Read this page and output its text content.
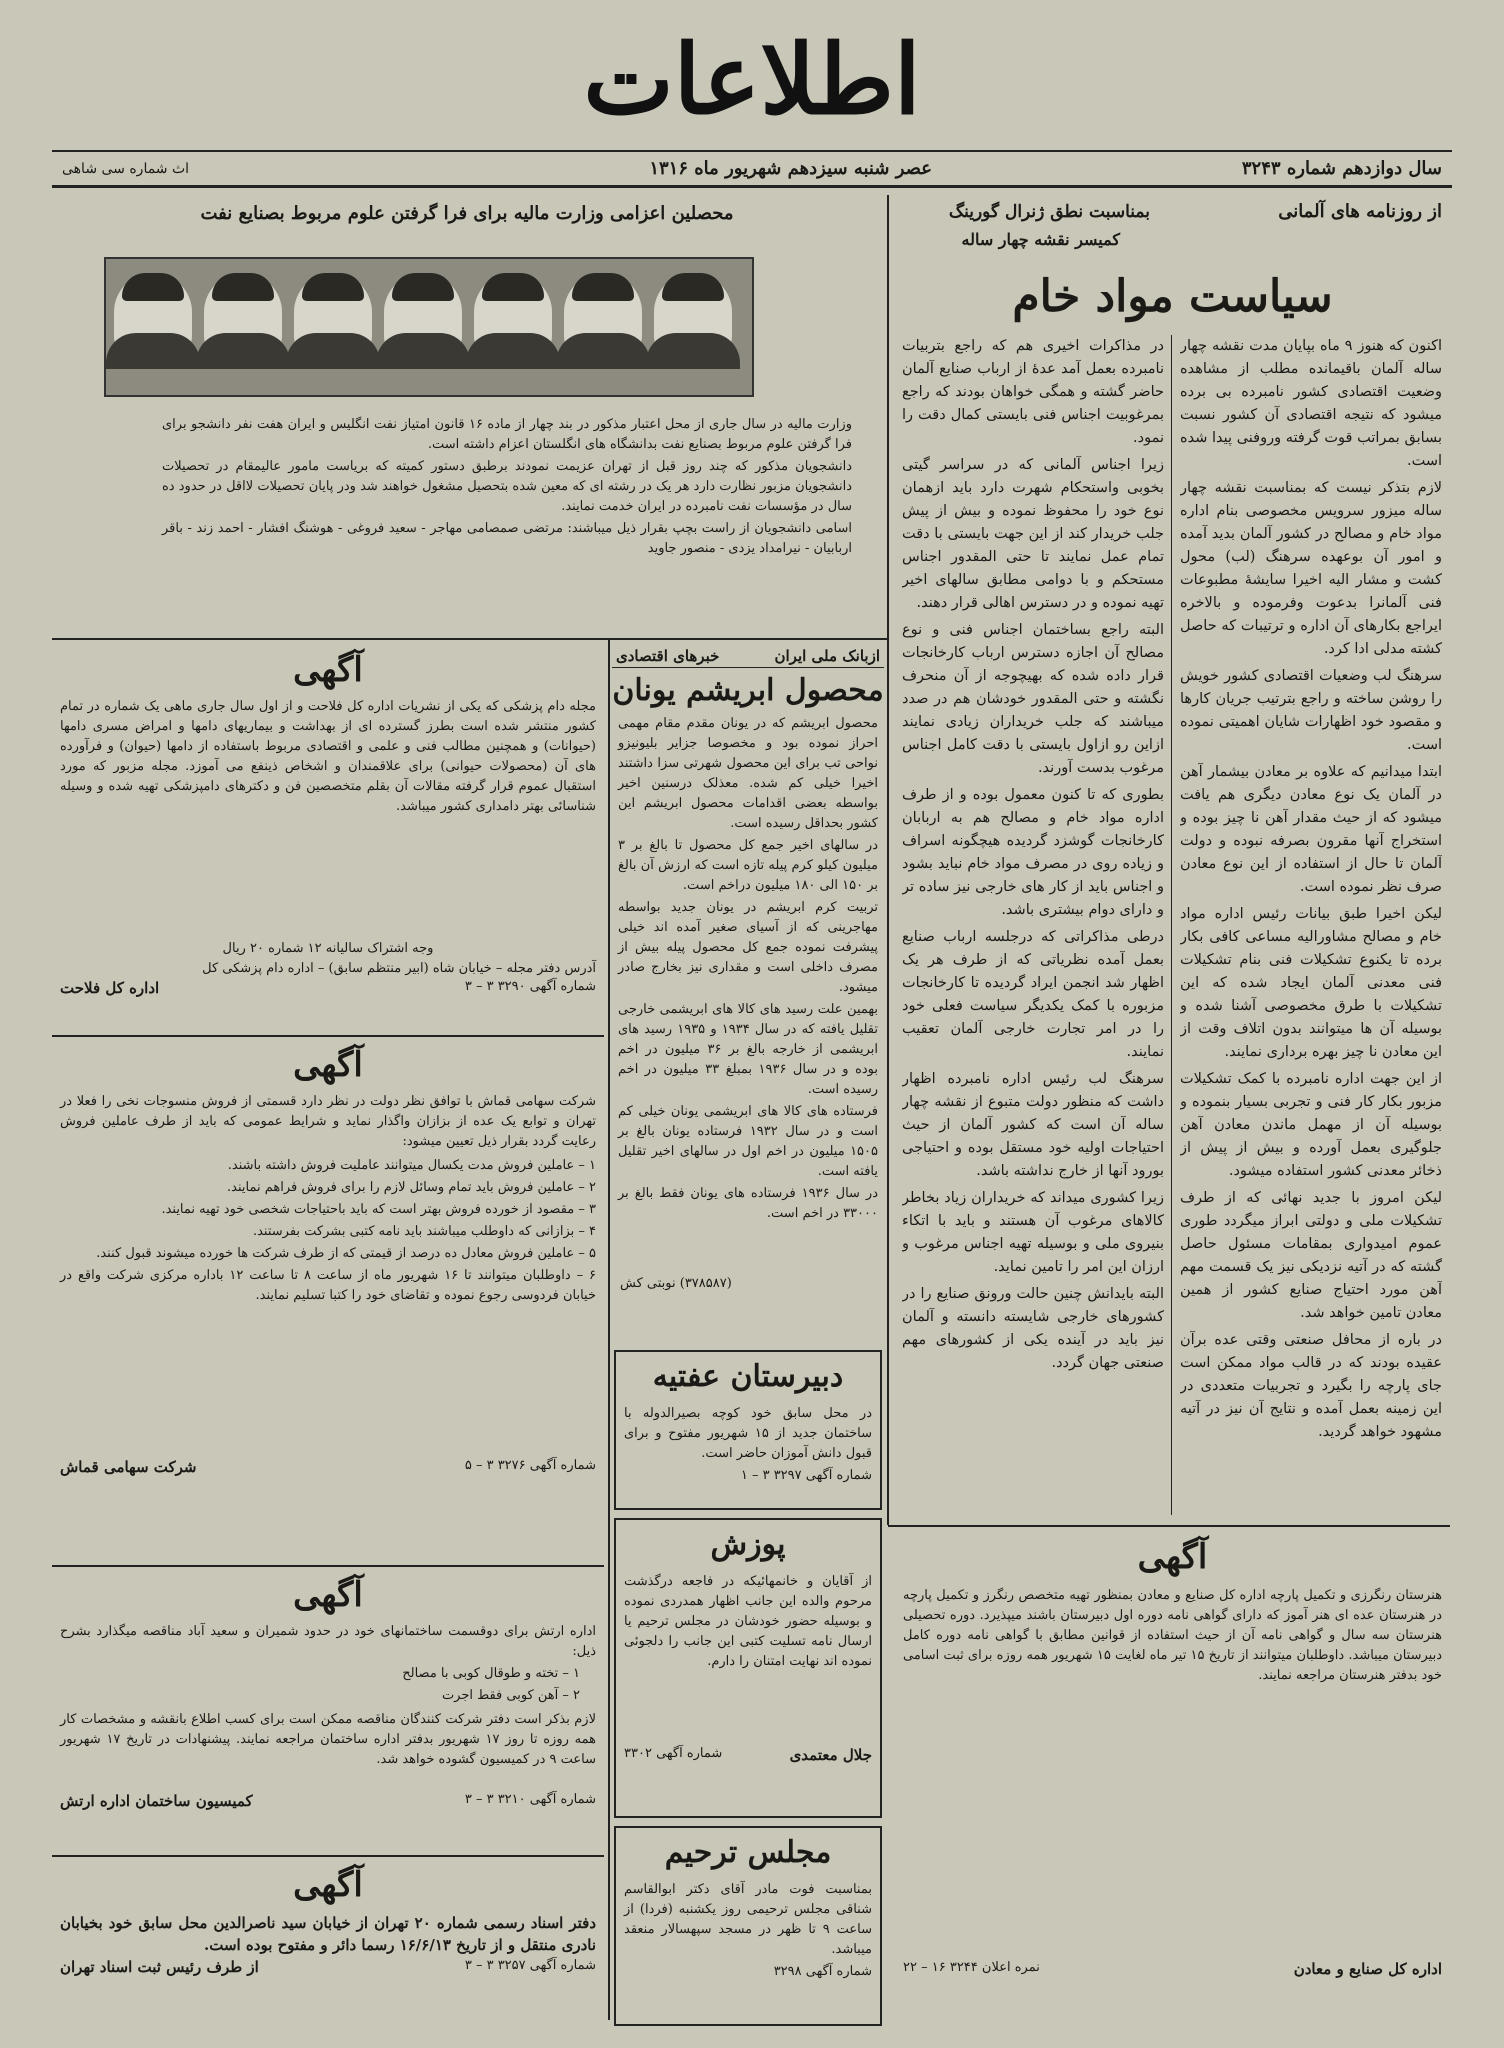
اطلاعات
سال دوازدهم شماره ۳۲۴۳
عصر شنبه سیزدهم شهریور ماه ۱۳۱۶
اث شماره سی شاهی
از روزنامه های آلمانی
بمناسبت نطق ژنرال گورینگ
کمیسر نقشه چهار ساله
سیاست مواد خام

اکنون که هنوز ۹ ماه بپایان مدت نقشه چهار ساله آلمان باقیمانده مطلب از مشاهده وضعیت اقتصادی کشور نامبرده بی برده میشود که نتیجه اقتصادی آن کشور نسبت بسابق بمراتب قوت گرفته وروفنی پیدا شده است.

لازم بتذکر نیست که بمناسبت نقشه چهار ساله میزور سرویس مخصوصی بنام اداره مواد خام و مصالح در کشور آلمان بدید آمده و امور آن بوعهده سرهنگ (لب) محول کشت و مشار الیه اخیرا سایشۀ مطبوعات فنی آلمانرا بدعوت وفرموده و بالاخره ایراجع بکارهای آن اداره و ترتیبات که حاصل کشته مدلی ادا کرد.

سرهنگ لب وضعیات اقتصادی کشور خویش را روشن ساخته و راجع بترتیب جریان کارها و مقصود خود اظهارات شایان اهمیتی نموده است.

ابتدا میدانیم که علاوه بر معادن بیشمار آهن در آلمان یک نوع معادن دیگری هم یافت میشود که از حیث مقدار آهن نا چیز بوده و استخراج آنها مقرون بصرفه نبوده و دولت آلمان تا حال از استفاده از این نوع معادن صرف نظر نموده است.

لیکن اخیرا طبق بیانات رئیس اداره مواد خام و مصالح مشاورالیه مساعی کافی بکار برده تا یکنوع تشکیلات فنی بنام تشکیلات فنی معدنی آلمان ایجاد شده که این تشکیلات با طرق مخصوصی آشنا شده و بوسیله آن ها میتوانند بدون اتلاف وقت از این معادن نا چیز بهره برداری نمایند.

از این جهت اداره نامبرده با کمک تشکیلات مزبور بکار کار فنی و تجربی بسیار بنموده و بوسیله آن از مهمل ماندن معادن آهن جلوگیری بعمل آورده و بیش از پیش از ذخائر معدنی کشور استفاده میشود.

لیکن امروز با جدید نهائی که از طرف تشکیلات ملی و دولتی ابراز میگردد طوری عموم امیدواری بمقامات مسئول حاصل گشته که در آتیه نزدیکی نیز یک قسمت مهم آهن مورد احتیاج صنایع کشور از همین معادن تامین خواهد شد.

در باره از محافل صنعتی وقتی عده برآن عقیده بودند که در قالب مواد ممکن است جای پارچه را بگیرد و تجربیات متعددی در این زمینه بعمل آمده و نتایج آن نیز در آتیه مشهود خواهد گردید.

در مذاکرات اخیری هم که راجع بتربیات نامبرده بعمل آمد عدۀ از ارباب صنایع آلمان حاضر گشته و همگی خواهان بودند که راجع بمرغوبیت اجناس فنی بایستی کمال دقت را نمود.

زیرا اجناس آلمانی که در سراسر گیتی بخوبی واستحکام شهرت دارد باید ازهمان نوع خود را محفوظ نموده و بیش از پیش جلب خریدار کند از این جهت بایستی با دقت تمام عمل نمایند تا حتی المقدور اجناس مستحکم و با دوامی مطابق سالهای اخیر تهیه نموده و در دسترس اهالی قرار دهند.

البته راجع بساختمان اجناس فنی و نوع مصالح آن اجازه دسترس ارباب کارخانجات قرار داده شده که بهیچوجه از آن منحرف نگشته و حتی المقدور خودشان هم در صدد میباشند که جلب خریداران زیادی نمایند ازاین رو ازاول بایستی با دقت کامل اجناس مرغوب بدست آورند.

بطوری که تا کنون معمول بوده و از طرف اداره مواد خام و مصالح هم به اربابان کارخانجات گوشزد گردیده هیچگونه اسراف و زیاده روی در مصرف مواد خام نباید بشود و اجناس باید از کار های خارجی نیز ساده تر و دارای دوام بیشتری باشد.

درطی مذاکراتی که درجلسه ارباب صنایع بعمل آمده نظریاتی که از طرف هر یک اظهار شد انجمن ایراد گردیده تا کارخانجات مزبوره با کمک یکدیگر سیاست فعلی خود را در امر تجارت خارجی آلمان تعقیب نمایند.

سرهنگ لب رئیس اداره نامبرده اظهار داشت که منظور دولت متبوع از نقشه چهار ساله آن است که کشور آلمان از حیث احتیاجات اولیه خود مستقل بوده و احتیاجی بورود آنها از خارج نداشته باشد.

زیرا کشوری میداند که خریداران زیاد بخاطر کالاهای مرغوب آن هستند و باید با اتکاء بنیروی ملی و بوسیله تهیه اجناس مرغوب و ارزان این امر را تامین نماید.

البته بایدانش چنین حالت ورونق صنایع را در کشورهای خارجی شایسته دانسته و آلمان نیز باید در آینده یکی از کشورهای مهم صنعتی جهان گردد.

آگهی
هنرستان رنگرزی و تکمیل پارچه اداره کل صنایع و معادن بمنظور تهیه متخصص رنگرز و تکمیل پارچه در هنرستان عده ای هنر آموز که دارای گواهی نامه دوره اول دبیرستان باشند میپذیرد. دوره تحصیلی هنرستان سه سال و گواهی نامه آن از حیث استفاده از قوانین مطابق با گواهی نامه دوره کامل دبیرستان میباشد. داوطلبان میتوانند از تاریخ ۱۵ تیر ماه لغایت ۱۵ شهریور همه روزه برای ثبت اسامی خود بدفتر هنرستان مراجعه نمایند.
اداره کل صنایع و معادن
نمره اعلان ۳۲۴۴ ۱۶ – ۲۲
محصلین اعزامی وزارت مالیه برای فرا گرفتن علوم مربوط بصنایع نفت

وزارت مالیه در سال جاری از محل اعتبار مذکور در بند چهار از ماده ۱۶ قانون امتیاز نفت انگلیس و ایران هفت نفر دانشجو برای فرا گرفتن علوم مربوط بصنایع نفت بدانشگاه های انگلستان اعزام داشته است.

دانشجویان مذکور که چند روز قبل از تهران عزیمت نمودند برطبق دستور کمیته که بریاست مامور عالیمقام در تحصیلات دانشجویان مزبور نظارت دارد هر یک در رشته ای که معین شده بتحصیل مشغول خواهند شد ودر پایان تحصیلات لااقل در حدود ده سال در مؤسسات نفت نامبرده در ایران خدمت نمایند.

اسامی دانشجویان از راست بچپ بقرار ذیل میباشند: مرتضی صمصامی مهاجر - سعید فروغی - هوشنگ افشار - احمد زند - باقر اربابیان - نیرامداد یزدی - منصور جاوید

ازبانک ملی ایران
خبرهای اقتصادی
محصول ابریشم یونان

محصول ابریشم که در یونان مقدم مقام مهمی احراز نموده بود و مخصوصا جزایر بلیونیزو نواحی تب برای این محصول شهرتی سزا داشتند اخیرا خیلی کم شده. معذلک درسنین اخیر بواسطه بعضی اقدامات محصول ابریشم این کشور بحداقل رسیده است.

در سالهای اخیر جمع کل محصول تا بالغ بر ۳ میلیون کیلو کرم پیله تازه است که ارزش آن بالغ بر ۱۵۰ الی ۱۸۰ میلیون دراخم است.

تربیت کرم ابریشم در یونان جدید بواسطه مهاجرینی که از آسیای صغیر آمده اند خیلی پیشرفت نموده جمع کل محصول پیله بیش از مصرف داخلی است و مقداری نیز بخارج صادر میشود.

بهمین علت رسید های کالا های ابریشمی خارجی تقلیل یافته که در سال ۱۹۳۴ و ۱۹۳۵ رسید های ابریشمی از خارجه بالغ بر ۳۶ میلیون در اخم بوده و در سال ۱۹۳۶ بمبلغ ۳۳ میلیون در اخم رسیده است.

فرستاده های کالا های ابریشمی یونان خیلی کم است و در سال ۱۹۳۲ فرستاده یونان بالغ بر ۱۵۰۵ میلیون در اخم اول در سالهای اخیر تقلیل یافته است.

در سال ۱۹۳۶ فرستاده های یونان فقط بالغ بر ۳۳۰۰۰ در اخم است.

(۳۷۸۵۸۷) نوبتی کش
دبیرستان عفتیه
در محل سابق خود کوچه بصیرالدوله با ساختمان جدید از ۱۵ شهریور مفتوح و برای قبول دانش آموزان حاضر است.
شماره آگهی ۳۲۹۷ ۳ – ۱
پوزش
از آقایان و خانمهائیکه در فاجعه درگذشت مرحوم والده این جانب اظهار همدردی نموده و بوسیله حضور خودشان در مجلس ترحیم یا ارسال نامه تسلیت کتبی این جانب را دلجوئی نموده اند نهایت امتنان را دارم.
جلال معتمدی
شماره آگهی ۳۳۰۲
مجلس ترحیم
بمناسبت فوت مادر آقای دکتر ابوالقاسم شناقی مجلس ترحیمی روز یکشنبه (فردا) از ساعت ۹ تا ظهر در مسجد سپهسالار منعقد میباشد.
شماره آگهی ۳۲۹۸
آگهی
مجله دام پزشکی که یکی از نشریات اداره کل فلاحت و از اول سال جاری ماهی یک شماره در تمام کشور منتشر شده است بطرز گسترده ای از بهداشت و بیماریهای دامها و امراض مسری دامها (حیوانات) و همچنین مطالب فنی و علمی و اقتصادی مربوط باستفاده از دامها (حیوان) و فرآورده های آن (محصولات حیوانی) برای علاقمندان و اشخاص ذینفع می آموزد. مجله مزبور که مورد استقبال عموم قرار گرفته مقالات آن بقلم متخصصین فن و دکترهای دامپزشکی تهیه شده و وسیله شناسائی بهتر دامداری کشور میباشد.
وجه اشتراک سالیانه ۱۲ شماره ۲۰ ریال
آدرس دفتر مجله – خیابان شاه (ابیر منتظم سابق) – اداره دام پزشکی کل
شماره آگهی ۳۲۹۰ ۳ – ۳
اداره کل فلاحت
آگهی
شرکت سهامی قماش با توافق نظر دولت در نظر دارد قسمتی از فروش منسوجات نخی را فعلا در تهران و توابع یک عده از بزازان واگذار نماید و شرایط عمومی که باید از طرف عاملین فروش رعایت گردد بقرار ذیل تعیین میشود:

۱ – عاملین فروش مدت یکسال میتوانند عاملیت فروش داشته باشند.

۲ – عاملین فروش باید تمام وسائل لازم را برای فروش فراهم نمایند.

۳ – مقصود از خورده فروش بهتر است که باید باحتیاجات شخصی خود تهیه نمایند.

۴ – بزازانی که داوطلب میباشند باید نامه کتبی بشرکت بفرستند.

۵ – عاملین فروش معادل ده درصد از قیمتی که از طرف شرکت ها خورده میشوند قبول کنند.

۶ – داوطلبان میتوانند تا ۱۶ شهریور ماه از ساعت ۸ تا ساعت ۱۲ باداره مرکزی شرکت واقع در خیابان فردوسی رجوع نموده و تقاضای خود را کتبا تسلیم نمایند.

شماره آگهی ۳۲۷۶ ۳ – ۵
شرکت سهامی قماش
آگهی
اداره ارتش برای دوقسمت ساختمانهای خود در حدود شمیران و سعید آباد مناقصه میگذارد بشرح ذیل:

۱ – تخته و طوقال کوبی با مصالح

۲ – آهن کوبی فقط اجرت

لازم بذکر است دفتر شرکت کنندگان مناقصه ممکن است برای کسب اطلاع بانقشه و مشخصات کار همه روزه تا روز ۱۷ شهریور بدفتر اداره ساختمان مراجعه نمایند. پیشنهادات در تاریخ ۱۷ شهریور ساعت ۹ در کمیسیون گشوده خواهد شد.
شماره آگهی ۳۲۱۰ ۳ – ۳
کمیسیون ساختمان اداره ارتش
آگهی
دفتر اسناد رسمی شماره ۲۰ تهران از خیابان سید ناصرالدین محل سابق خود بخیابان نادری منتقل و از تاریخ ۱۶/۶/۱۳ رسما دائر و مفتوح بوده است.
شماره آگهی ۳۲۵۷ ۳ – ۳
از طرف رئیس ثبت اسناد تهران
